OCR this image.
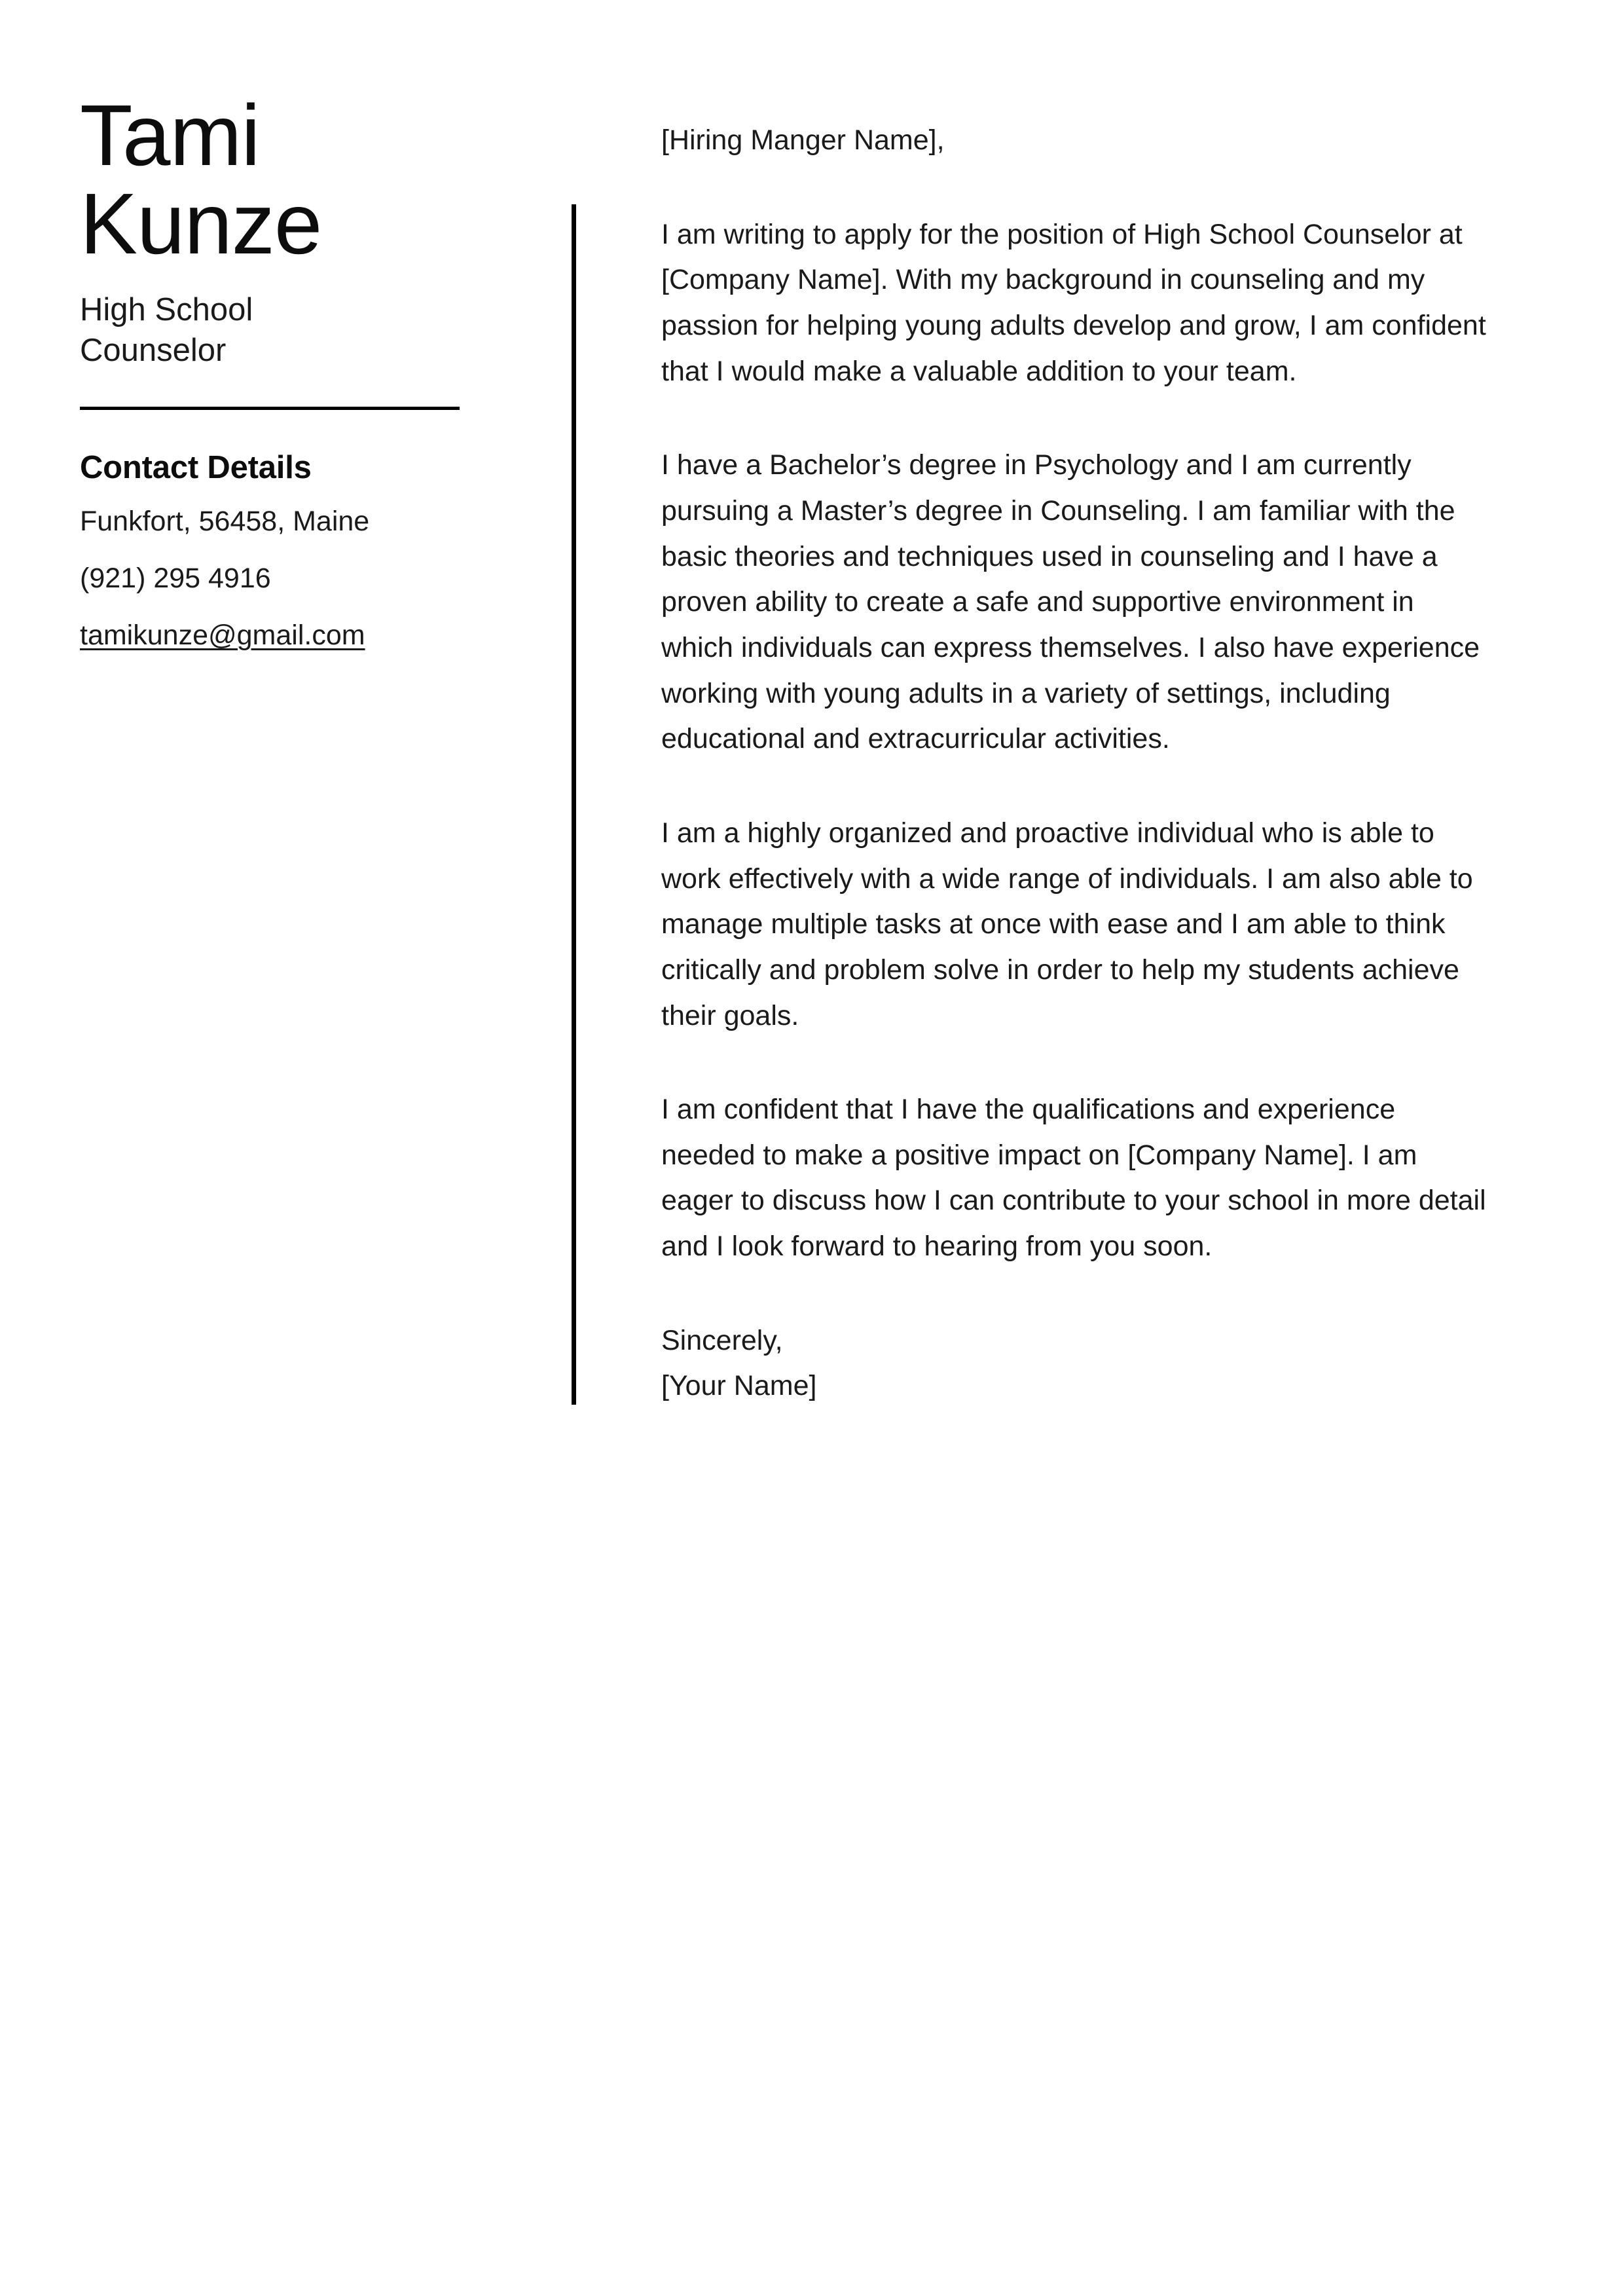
Tami
Kunze
High School Counselor
Contact Details
Funkfort, 56458, Maine
(921) 295 4916
tamikunze@gmail.com

[Hiring Manger Name],

I am writing to apply for the position of High School Counselor at [Company Name]. With my background in counseling and my passion for helping young adults develop and grow, I am confident that I would make a valuable addition to your team.

I have a Bachelor’s degree in Psychology and I am currently pursuing a Master’s degree in Counseling. I am familiar with the basic theories and techniques used in counseling and I have a proven ability to create a safe and supportive environment in which individuals can express themselves. I also have experience working with young adults in a variety of settings, including educational and extracurricular activities.

I am a highly organized and proactive individual who is able to work effectively with a wide range of individuals. I am also able to manage multiple tasks at once with ease and I am able to think critically and problem solve in order to help my students achieve their goals.

I am confident that I have the qualifications and experience needed to make a positive impact on [Company Name]. I am eager to discuss how I can contribute to your school in more detail and I look forward to hearing from you soon.

Sincerely,
[Your Name]
